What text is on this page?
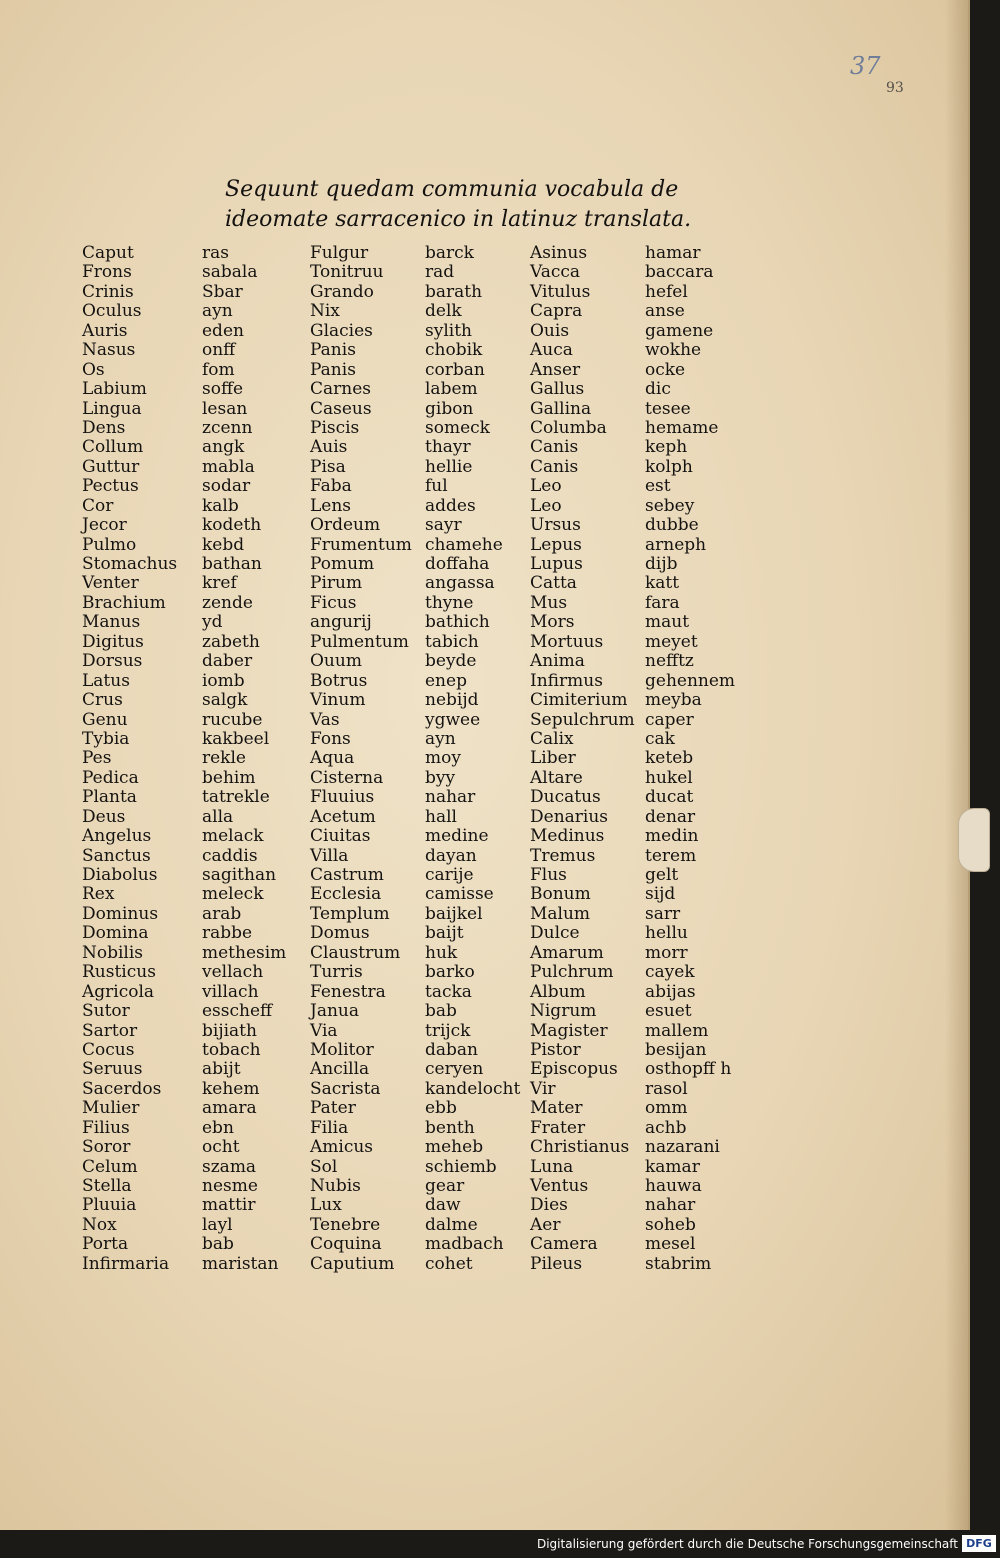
37
93
Sequunt quedam communia vocabula de
ideomate sarracenico in latinuz translata.
Caput	ras	Fulgur	barck	Asinus	hamar
Frons	sabala	Tonitruu	rad	Vacca	baccara
Crinis	Sbar	Grando	barath	Vitulus	hefel
Oculus	ayn	Nix	delk	Capra	anse
Auris	eden	Glacies	sylith	Ouis	gamene
Nasus	onff	Panis	chobik	Auca	wokhe
Os	fom	Panis	corban	Anser	ocke
Labium	soffe	Carnes	labem	Gallus	dic
Lingua	lesan	Caseus	gibon	Gallina	tesee
Dens	zcenn	Piscis	someck	Columba	hemame
Collum	angk	Auis	thayr	Canis	keph
Guttur	mabla	Pisa	hellie	Canis	kolph
Pectus	sodar	Faba	ful	Leo	est
Cor	kalb	Lens	addes	Leo	sebey
Jecor	kodeth	Ordeum	sayr	Ursus	dubbe
Pulmo	kebd	Frumentum chamehe	Lepus	arneph
Stomachus	bathan	Pomum	doffaha	Lupus	dijb
Venter	kref	Pirum	angassa	Catta	katt
Brachium	zende	Ficus	thyne	Mus	fara
Manus	yd	angurij	bathich	Mors	maut
Digitus	zabeth	Pulmentum tabich	Mortuus	meyet
Dorsus	daber	Ouum	beyde	Anima	nefftz
Latus	iomb	Botrus	enep	Infirmus	gehennem
Crus	salgk	Vinum	nebijd	Cimiterium	meyba
Genu	rucube	Vas	ygwee	Sepulchrum caper
Tybia	kakbeel	Fons	ayn	Calix	cak
Pes	rekle	Aqua	moy	Liber	keteb
Pedica	behim	Cisterna	byy	Altare	hukel
Planta	tatrekle	Fluuius	nahar	Ducatus	ducat
Deus	alla	Acetum	hall	Denarius	denar
Angelus	melack	Ciuitas	medine	Medinus	medin
Sanctus	caddis	Villa	dayan	Tremus	terem
Diabolus	sagithan	Castrum	carije	Flus	gelt
Rex	meleck	Ecclesia	camisse	Bonum	sijd
Dominus	arab	Templum	baijkel	Malum	sarr
Domina	rabbe	Domus	baijt	Dulce	hellu
Nobilis	methesim	Claustrum	huk	Amarum	morr
Rusticus	vellach	Turris	barko	Pulchrum	cayek
Agricola	villach	Fenestra	tacka	Album	abijas
Sutor	esscheff	Janua	bab	Nigrum	esuet
Sartor	bijiath	Via	trijck	Magister	mallem
Cocus	tobach	Molitor	daban	Pistor	besijan
Seruus	abijt	Ancilla	ceryen	Episcopus	osthopff h
Sacerdos	kehem	Sacrista	kandelocht Vir	rasol
Mulier	amara	Pater	ebb	Mater	omm
Filius	ebn	Filia	benth	Frater	achb
Soror	ocht	Amicus	meheb	Christianus nazarani
Celum	szama	Sol	schiemb	Luna	kamar
Stella	nesme	Nubis	gear	Ventus	hauwa
Pluuia	mattir	Lux	daw	Dies	nahar
Nox	layl	Tenebre	dalme	Aer	soheb
Porta	bab	Coquina	madbach	Camera	mesel
Infirmaria	maristan	Caputium	cohet	Pileus	stabrim
Digitalisierung gefördert durch die Deutsche Forschungsgemeinschaft DFG
